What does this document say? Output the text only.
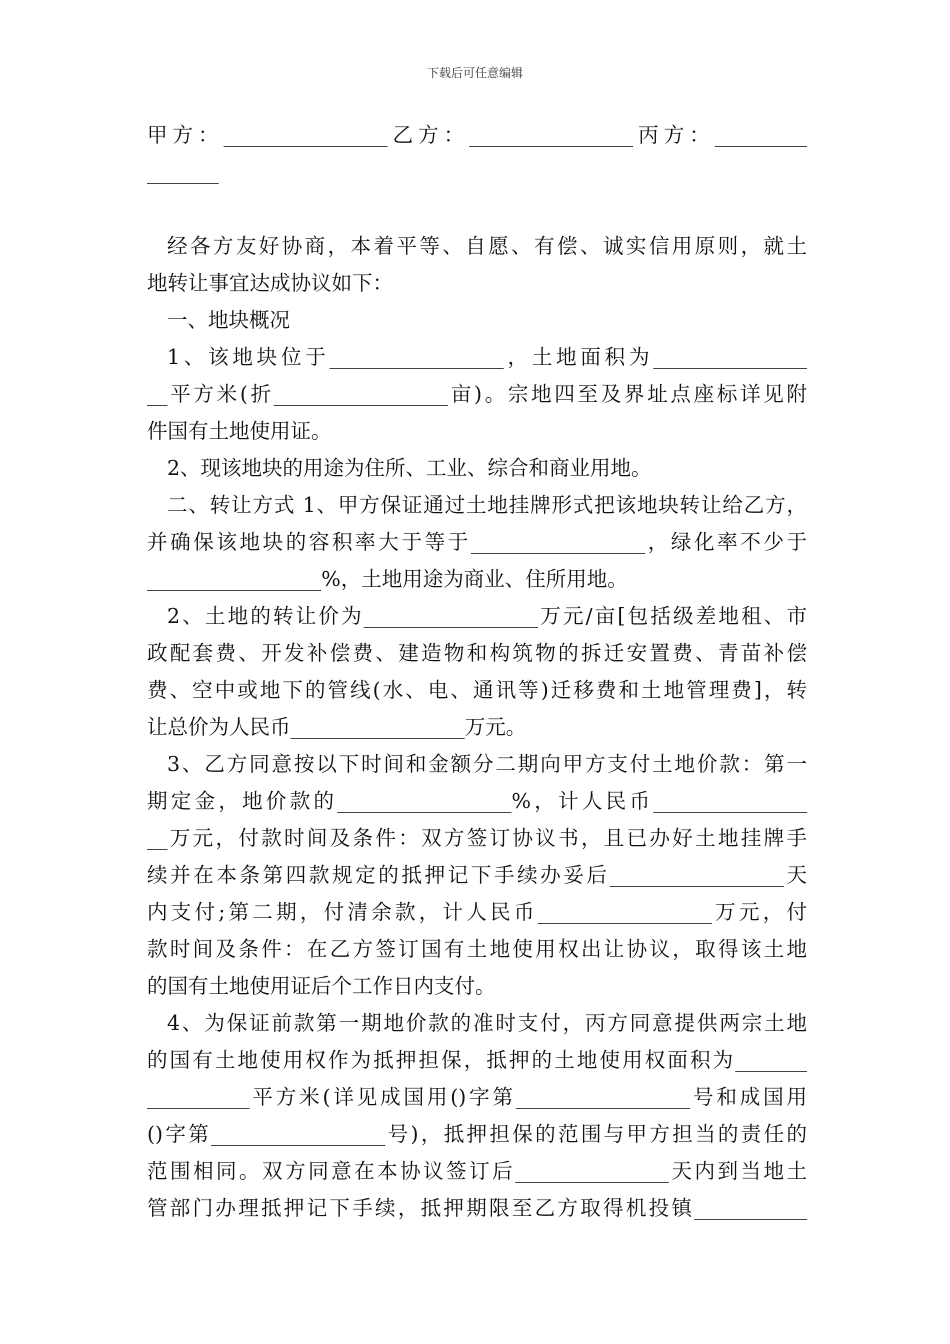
下载后可任意编辑
甲方：________________乙方：________________丙方：_________
_______
经各方友好协商，本着平等、自愿、有偿、诚实信用原则，就土
地转让事宜达成协议如下：
一、地块概况
1、该地块位于_________________，土地面积为_______________
__平方米(折_________________亩)。宗地四至及界址点座标详见附
件国有土地使用证。
2、现该地块的用途为住所、工业、综合和商业用地。
二、转让方式 1、甲方保证通过土地挂牌形式把该地块转让给乙方，
并确保该地块的容积率大于等于_________________，绿化率不少于
_________________%，土地用途为商业、住所用地。
2、土地的转让价为_________________万元/亩[包括级差地租、市
政配套费、开发补偿费、建造物和构筑物的拆迁安置费、青苗补偿
费、空中或地下的管线(水、电、通讯等)迁移费和土地管理费]，转
让总价为人民币_________________万元。
3、乙方同意按以下时间和金额分二期向甲方支付土地价款：第一
期定金，地价款的_________________%，计人民币_______________
__万元，付款时间及条件：双方签订协议书，且已办好土地挂牌手
续并在本条第四款规定的抵押记下手续办妥后_________________天
内支付;第二期，付清余款，计人民币_________________万元，付
款时间及条件：在乙方签订国有土地使用权出让协议，取得该土地
的国有土地使用证后个工作日内支付。
4、为保证前款第一期地价款的准时支付，丙方同意提供两宗土地
的国有土地使用权作为抵押担保，抵押的土地使用权面积为_______
__________平方米(详见成国用()字第_________________号和成国用
()字第_________________号)，抵押担保的范围与甲方担当的责任的
范围相同。双方同意在本协议签订后_______________天内到当地土
管部门办理抵押记下手续，抵押期限至乙方取得机投镇___________
